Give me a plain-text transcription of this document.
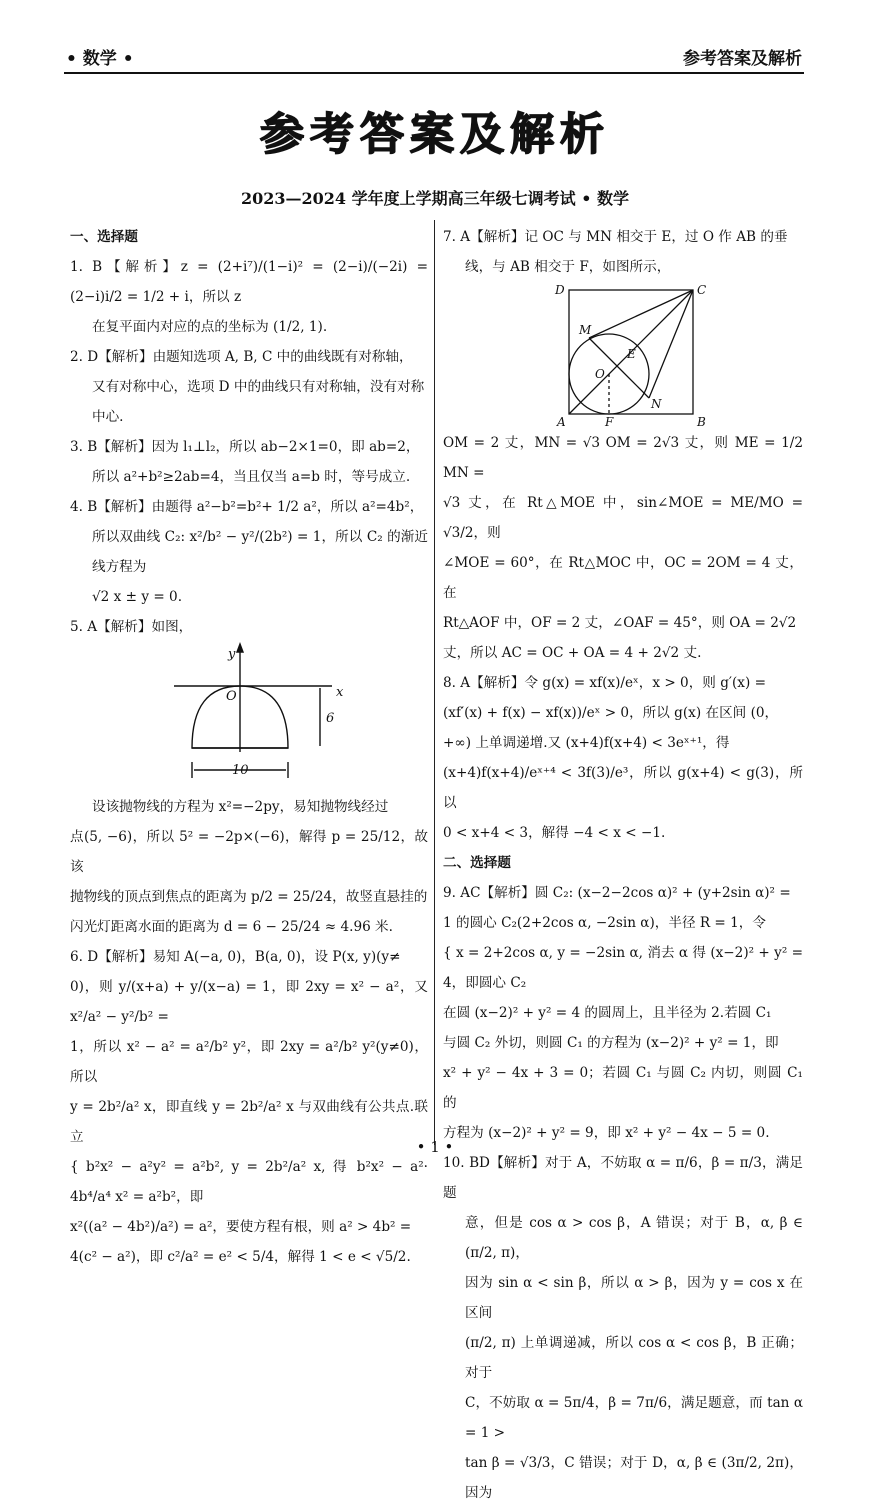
• 数学 •	参考答案及解析
参考答案及解析
2023—2024 学年度上学期高三年级七调考试 • 数学

一、选择题

1. B【解析】z = (2+i⁷)/(1−i)² = (2−i)/(−2i) = (2−i)i/2 = 1/2 + i，所以 z

在复平面内对应的点的坐标为 (1/2, 1).

2. D【解析】由题知选项 A, B, C 中的曲线既有对称轴，

又有对称中心，选项 D 中的曲线只有对称轴，没有对称

中心.

3. B【解析】因为 l₁⊥l₂，所以 ab−2×1=0，即 ab=2，

所以 a²+b²≥2ab=4，当且仅当 a=b 时，等号成立.

4. B【解析】由题得 a²−b²=b²+ 1/2 a²，所以 a²=4b²，

所以双曲线 C₂: x²/b² − y²/(2b²) = 1，所以 C₂ 的渐近线方程为

√2 x ± y = 0.

5. A【解析】如图，

y
x
O
6
10

设该抛物线的方程为 x²=−2py，易知抛物线经过

点(5, −6)，所以 5² = −2p×(−6)，解得 p = 25/12，故该

抛物线的顶点到焦点的距离为 p/2 = 25/24，故竖直悬挂的

闪光灯距离水面的距离为 d = 6 − 25/24 ≈ 4.96 米.

6. D【解析】易知 A(−a, 0)，B(a, 0)，设 P(x, y)(y≠

0)，则 y/(x+a) + y/(x−a) = 1，即 2xy = x² − a²，又 x²/a² − y²/b² =

1，所以 x² − a² = a²/b² y²，即 2xy = a²/b² y²(y≠0)，所以

y = 2b²/a² x，即直线 y = 2b²/a² x 与双曲线有公共点.联立

{ b²x² − a²y² = a²b², y = 2b²/a² x, 得 b²x² − a²· 4b⁴/a⁴ x² = a²b²，即

x²((a² − 4b²)/a²) = a²，要使方程有根，则 a² > 4b² =

4(c² − a²)，即 c²/a² = e² < 5/4，解得 1 < e < √5/2.

7. A【解析】记 OC 与 MN 相交于 E，过 O 作 AB 的垂

线，与 AB 相交于 F，如图所示，

D	C
A	B
M
E
O
N
F

OM = 2 丈，MN = √3 OM = 2√3 丈，则 ME = 1/2 MN =

√3 丈，在 Rt△MOE 中，sin∠MOE = ME/MO = √3/2，则

∠MOE = 60°，在 Rt△MOC 中，OC = 2OM = 4 丈，在

Rt△AOF 中，OF = 2 丈，∠OAF = 45°，则 OA = 2√2

丈，所以 AC = OC + OA = 4 + 2√2 丈.

8. A【解析】令 g(x) = xf(x)/eˣ，x > 0，则 g′(x) =

(xf′(x) + f(x) − xf(x))/eˣ > 0，所以 g(x) 在区间 (0，

+∞) 上单调递增.又 (x+4)f(x+4) < 3eˣ⁺¹，得

(x+4)f(x+4)/eˣ⁺⁴ < 3f(3)/e³，所以 g(x+4) < g(3)，所以

0 < x+4 < 3，解得 −4 < x < −1.

二、选择题

9. AC【解析】圆 C₂: (x−2−2cos α)² + (y+2sin α)² =

1 的圆心 C₂(2+2cos α, −2sin α)，半径 R = 1，令

{ x = 2+2cos α, y = −2sin α, 消去 α 得 (x−2)² + y² = 4，即圆心 C₂

在圆 (x−2)² + y² = 4 的圆周上，且半径为 2.若圆 C₁

与圆 C₂ 外切，则圆 C₁ 的方程为 (x−2)² + y² = 1，即

x² + y² − 4x + 3 = 0；若圆 C₁ 与圆 C₂ 内切，则圆 C₁ 的

方程为 (x−2)² + y² = 9，即 x² + y² − 4x − 5 = 0.

10. BD【解析】对于 A，不妨取 α = π/6，β = π/3，满足题

意，但是 cos α > cos β，A 错误；对于 B，α, β ∈ (π/2, π)，

因为 sin α < sin β，所以 α > β，因为 y = cos x 在区间

(π/2, π) 上单调递减，所以 cos α < cos β，B 正确；对于

C，不妨取 α = 5π/4，β = 7π/6，满足题意，而 tan α = 1 >

tan β = √3/3，C 错误；对于 D，α, β ∈ (3π/2, 2π)，因为

• 1 •
